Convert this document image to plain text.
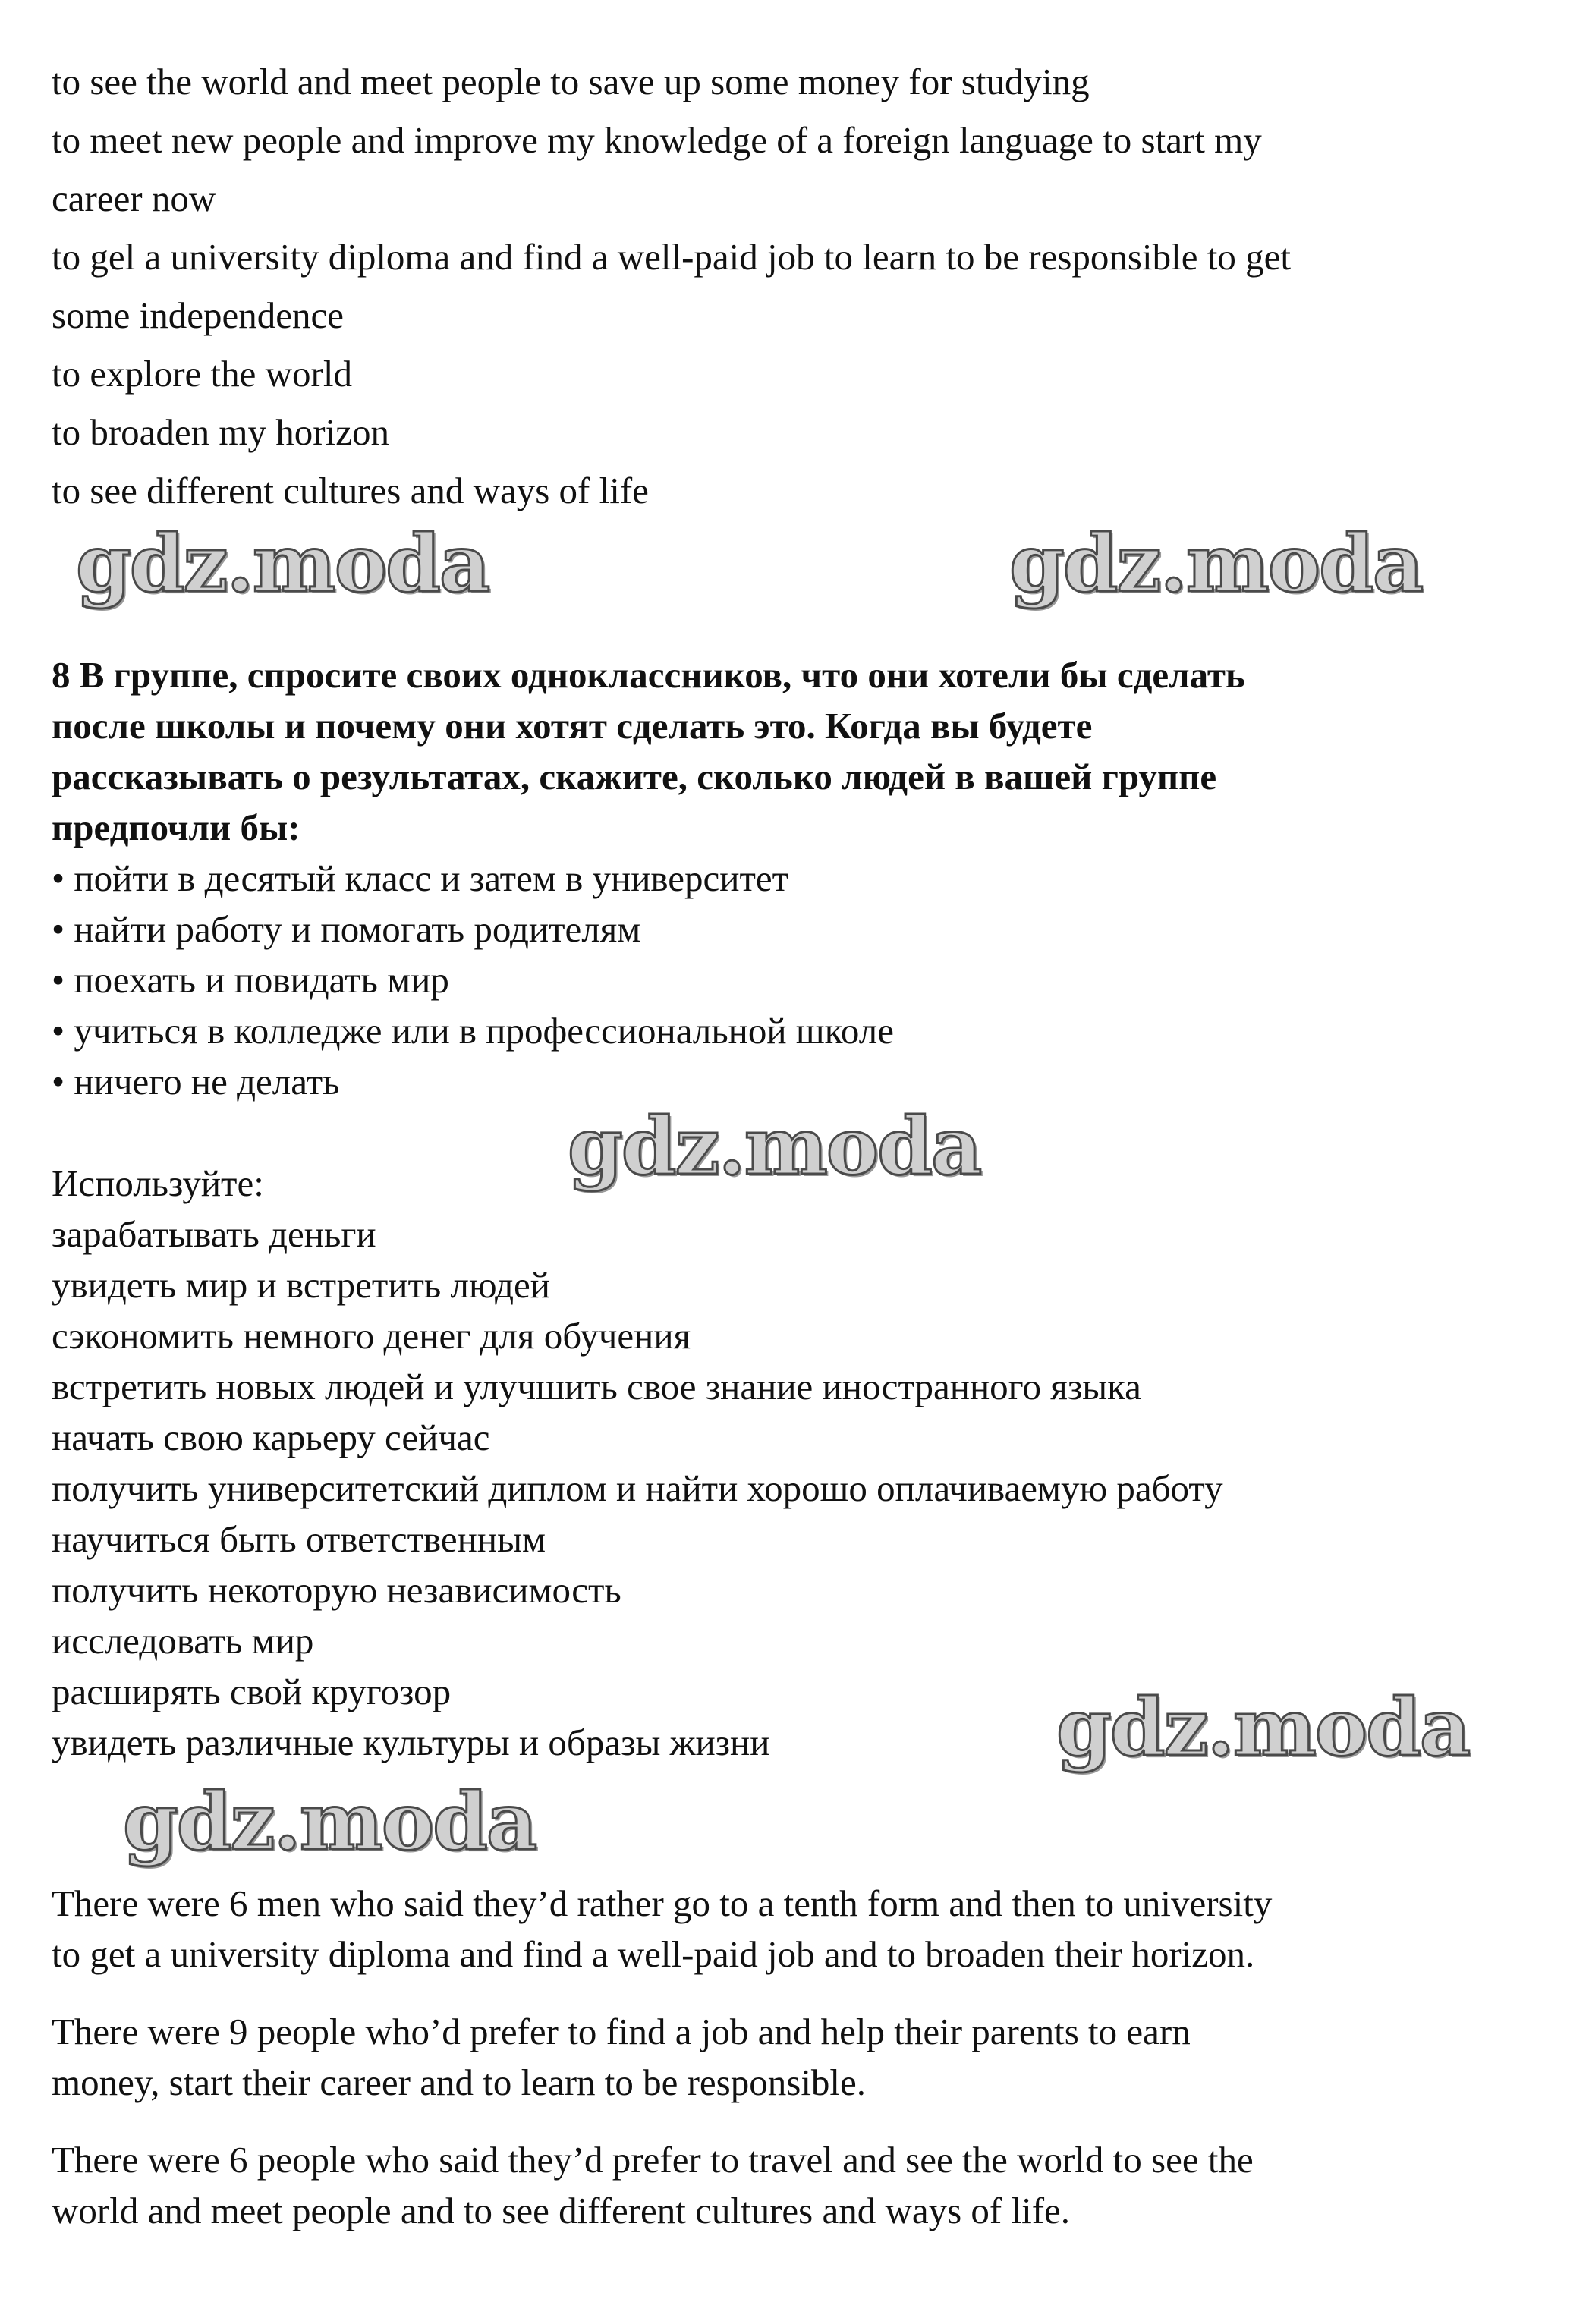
to see the world and meet people to save up some money for studying
to meet new people and improve my knowledge of a foreign language to start my
career now
to gel a university diploma and find a well-paid job to learn to be responsible to get
some independence
to explore the world
to broaden my horizon
to see different cultures and ways of life
8 В группе, спросите своих одноклассников, что они хотели бы сделать
после школы и почему они хотят сделать это. Когда вы будете
рассказывать о результатах, скажите, сколько людей в вашей группе
предпочли бы:
• пойти в десятый класс и затем в университет
• найти работу и помогать родителям
• поехать и повидать мир
• учиться в колледже или в профессиональной школе
• ничего не делать
Используйте:
зарабатывать деньги
увидеть мир и встретить людей
сэкономить немного денег для обучения
встретить новых людей и улучшить свое знание иностранного языка
начать свою карьеру сейчас
получить университетский диплом и найти хорошо оплачиваемую работу
научиться быть ответственным
получить некоторую независимость
исследовать мир
расширять свой кругозор
увидеть различные культуры и образы жизни
There were 6 men who said they’d rather go to a tenth form and then to university
to get a university diploma and find a well-paid job and to broaden their horizon.
There were 9 people who’d prefer to find a job and help their parents to earn
money, start their career and to learn to be responsible.
There were 6 people who said they’d prefer to travel and see the world to see the
world and meet people and to see different cultures and ways of life.
gdz.moda	gdz.moda
gdz.moda
gdz.moda
gdz.moda
